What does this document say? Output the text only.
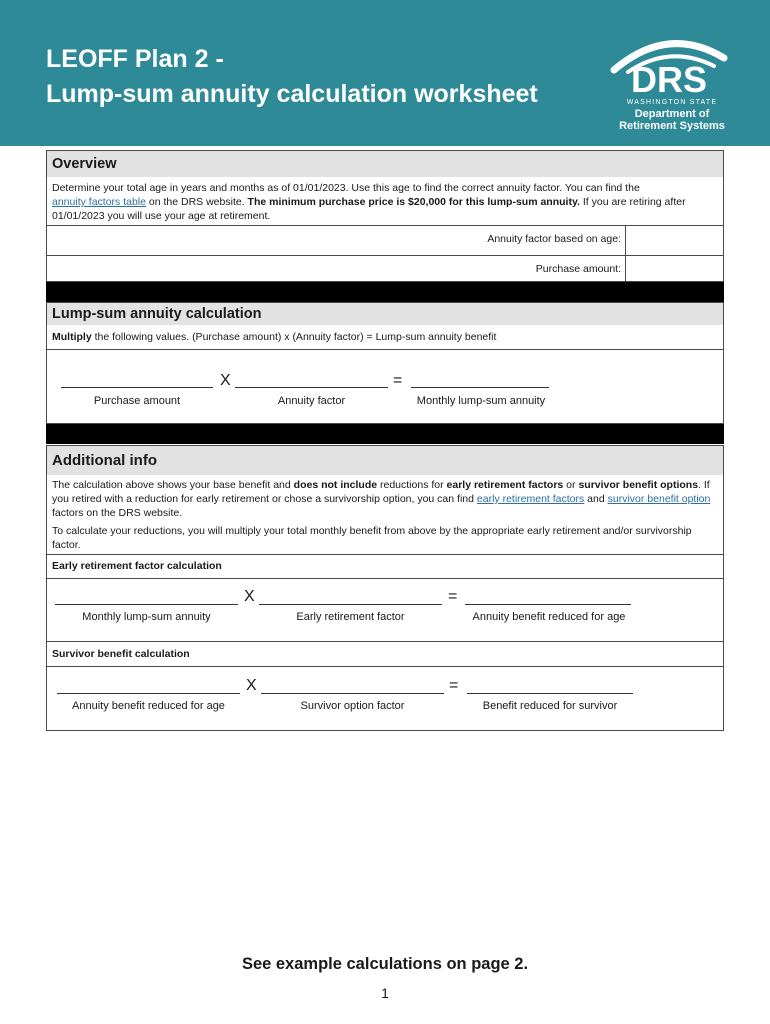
LEOFF Plan 2 -
Lump-sum annuity calculation worksheet	DRS
WASHINGTON STATE
Department of
Retirement Systems
Overview

Determine your total age in years and months as of 01/01/2023. Use this age to find the correct annuity factor. You can find the
annuity factors table on the DRS website. The minimum purchase price is $20,000 for this lump-sum annuity. If you are retiring after 01/01/2023 you will use your age at retirement.

Annuity factor based on age:
Purchase amount:
Lump-sum annuity calculation
Multiply the following values. (Purchase amount) x (Annuity factor) = Lump-sum annuity benefit
X	=
Purchase amount	Annuity factor	Monthly lump-sum annuity
Additional info

The calculation above shows your base benefit and does not include reductions for early retirement factors or survivor benefit options. If you retired with a reduction for early retirement or chose a survivorship option, you can find early retirement factors and survivor benefit option factors on the DRS website.

To calculate your reductions, you will multiply your total monthly benefit from above by the appropriate early retirement and/or survivorship factor.

Early retirement factor calculation
X	=
Monthly lump-sum annuity	Early retirement factor	Annuity benefit reduced for age
Survivor benefit calculation
X	=
Annuity benefit reduced for age	Survivor option factor	Benefit reduced for survivor

See example calculations on page 2.

1
